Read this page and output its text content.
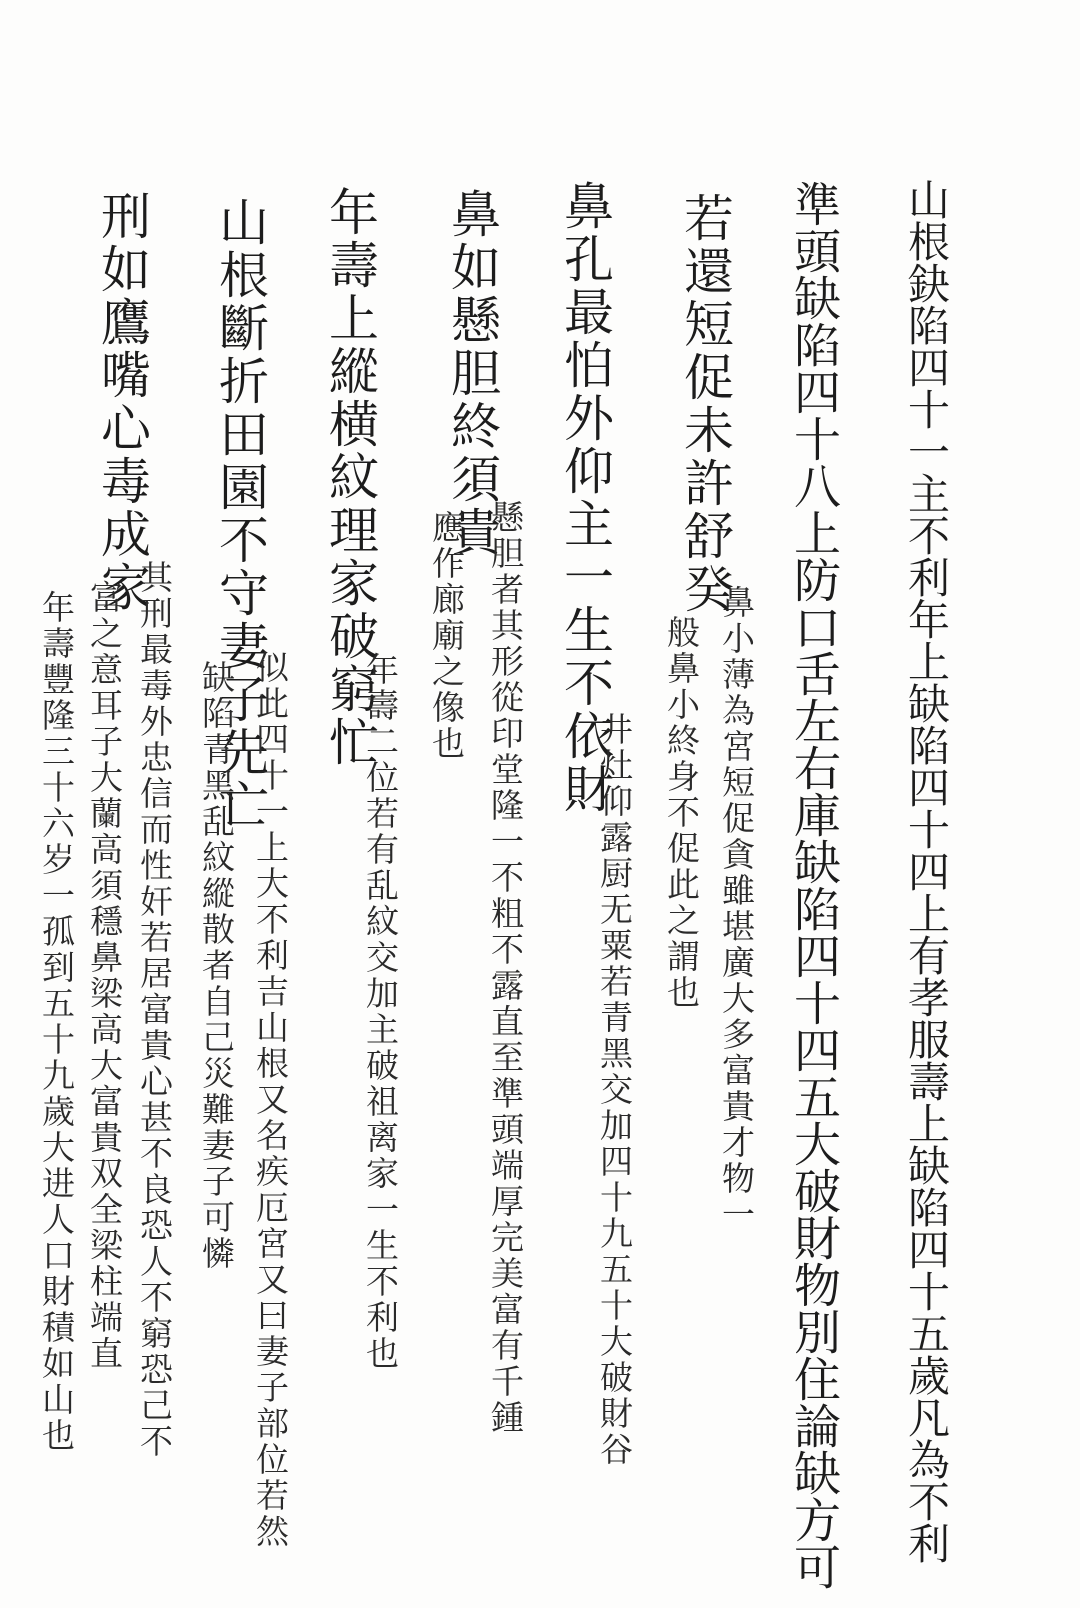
山根鈌陷四十一主不利年上缺陷四十四上有孝服壽上缺陷四十五歲凡為不利
準頭缺陷四十八上防口舌左右庫缺陷四十四五大破財物別住論缺方可
若還短促未許舒癸
鼻小薄為宮短促貪雖堪廣大多富貴才物一
般鼻小終身不促此之謂也
鼻孔最怕外仰主一生不依財
井灶仰露厨无粟若青黑交加四十九五十大破財谷
鼻如懸胆終須貴
懸胆者其形從印堂隆一不粗不露直至準頭端厚完美富有千鍾
應作廊廟之像也
年壽上縱横紋理家破窮忙
年壽二位若有乱紋交加主破祖离家一生不利也
山根斷折田園不守妻子先亡
似此四十一上大不利吉山根又名疾厄宮又曰妻子部位若然
缺陷青黑乱紋縱散者自己災難妻子可憐
刑如鷹嘴心毒成家
其刑最毒外忠信而性奸若居富貴心甚不良恐人不窮恐己不
富之意耳子大蘭高須穩鼻梁高大富貴双全梁柱端直
年壽豐隆三十六岁一孤到五十九歲大进人口財積如山也
